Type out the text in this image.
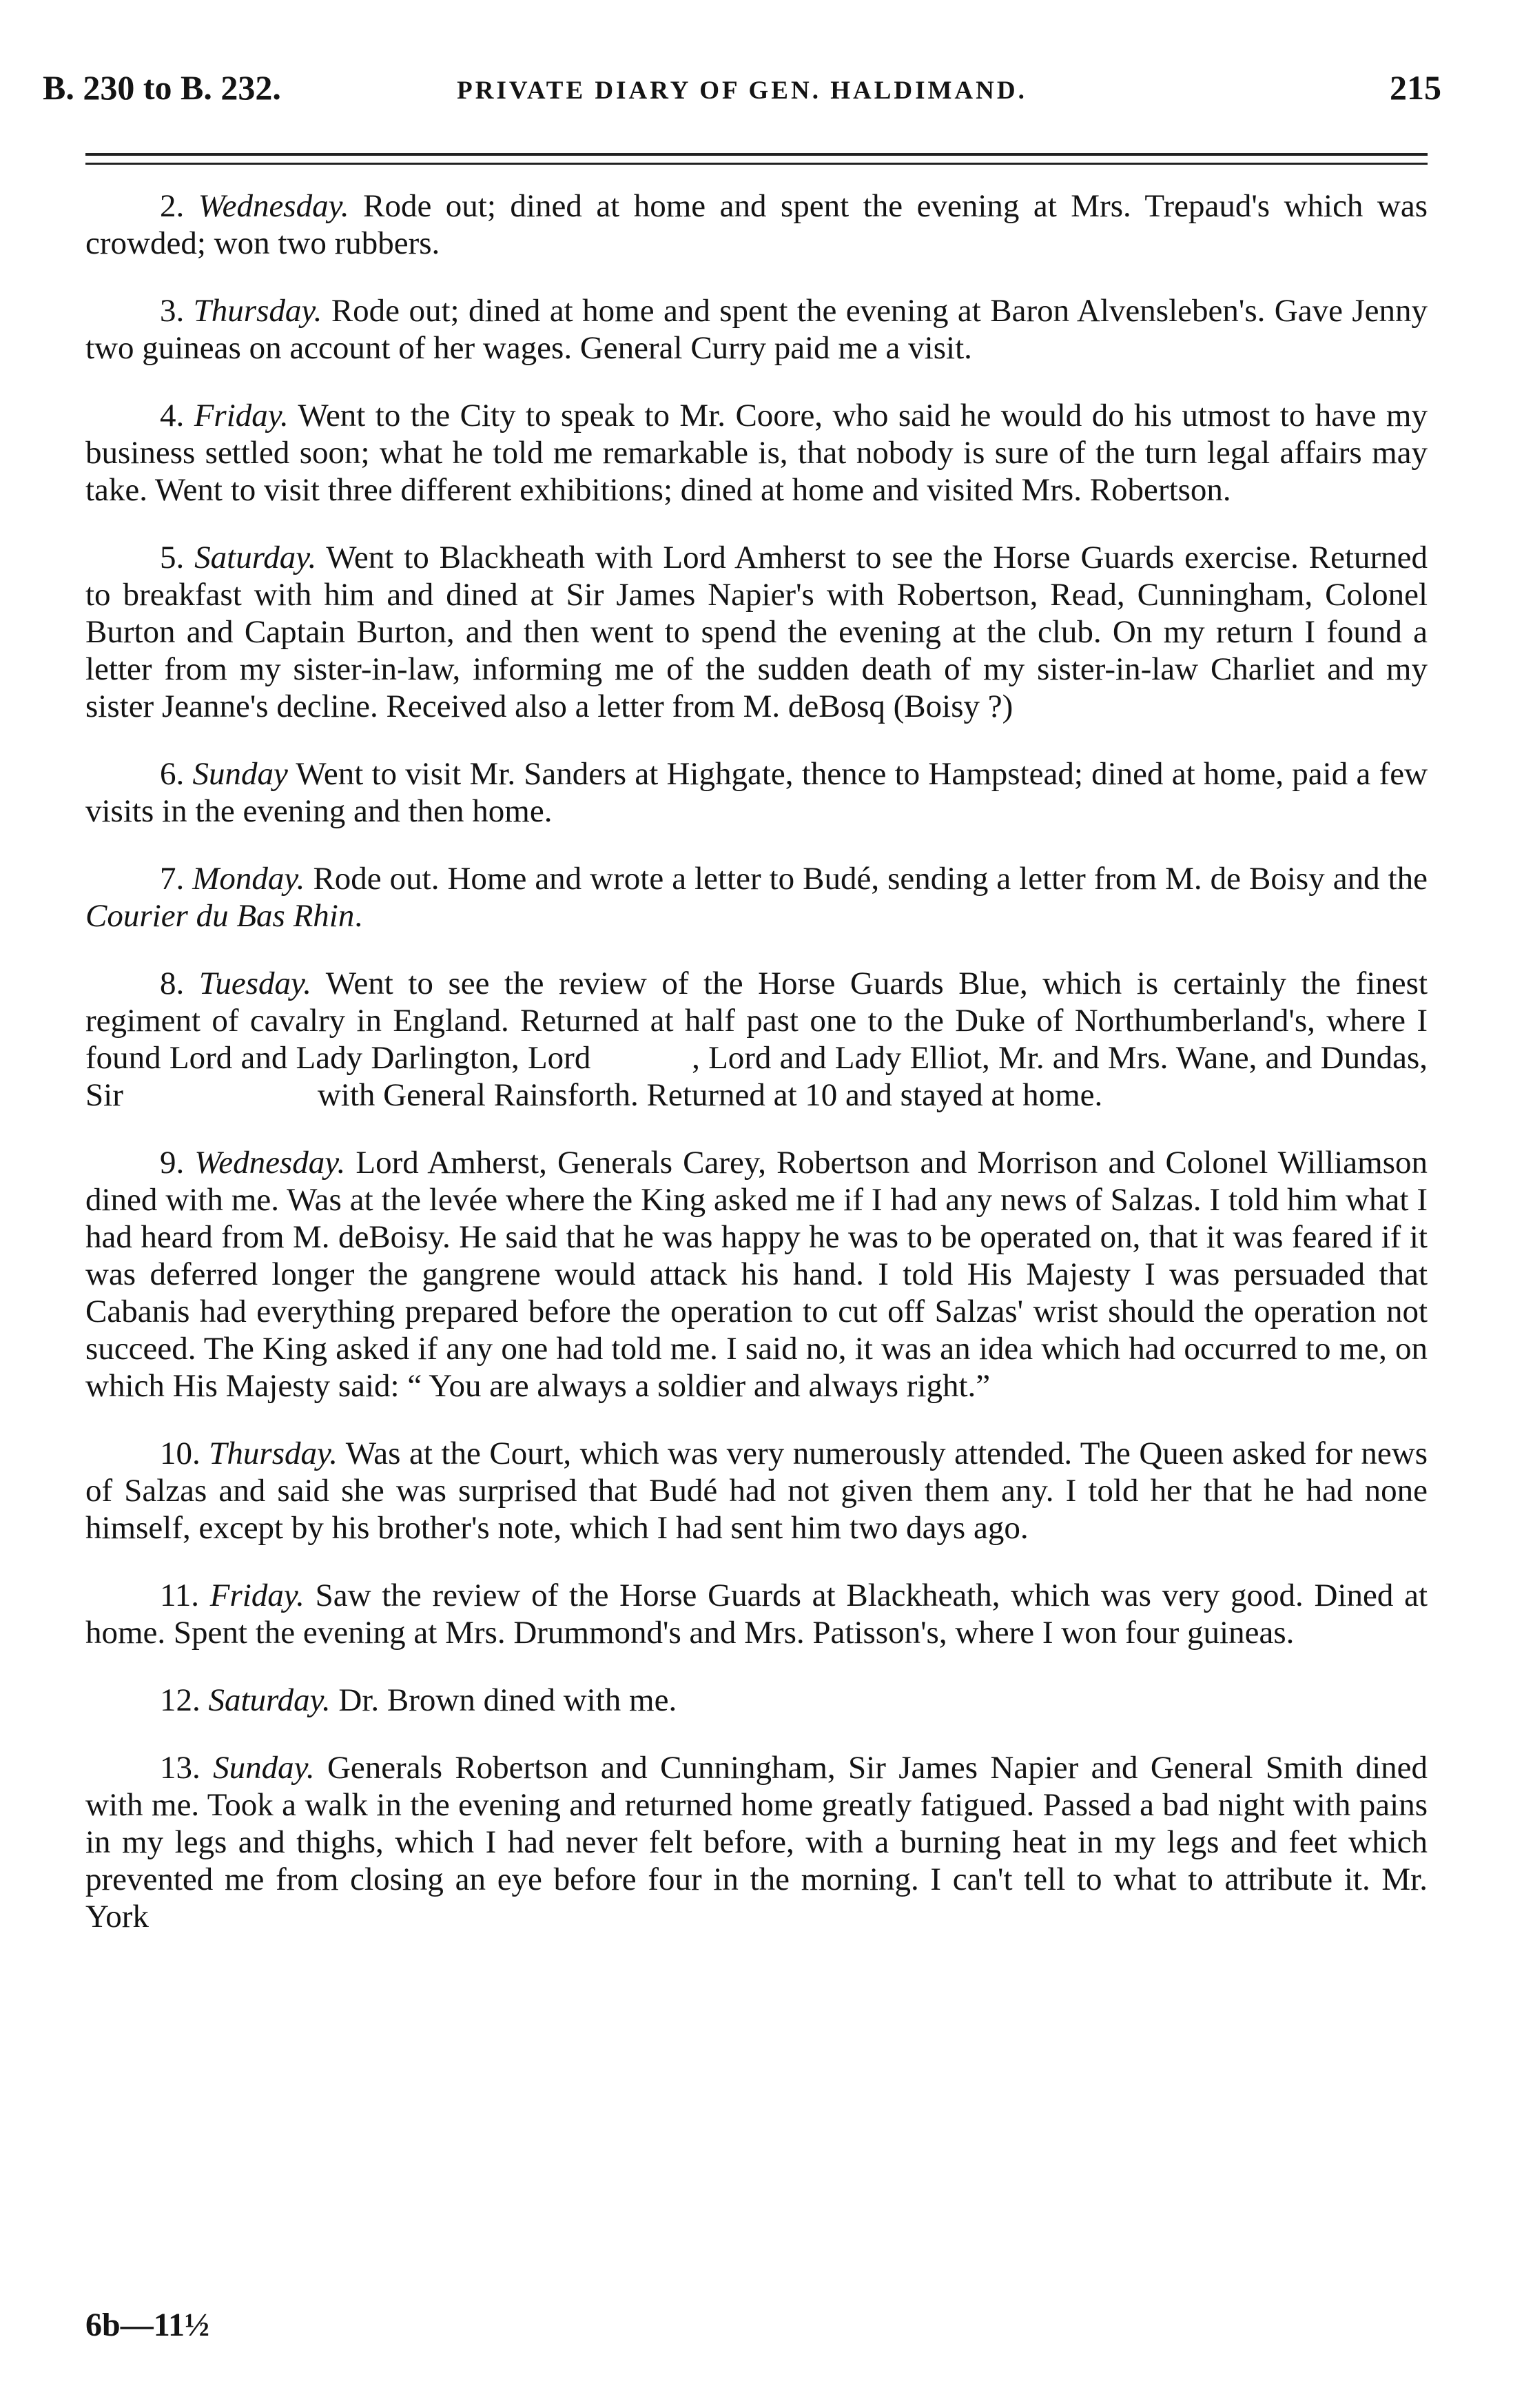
B. 230 to B. 232.	PRIVATE DIARY OF GEN. HALDIMAND.	215

2. Wednesday. Rode out; dined at home and spent the evening at Mrs. Trepaud's which was crowded; won two rubbers.

3. Thursday. Rode out; dined at home and spent the evening at Baron Alvensleben's. Gave Jenny two guineas on account of her wages. General Curry paid me a visit.

4. Friday. Went to the City to speak to Mr. Coore, who said he would do his utmost to have my business settled soon; what he told me remarkable is, that nobody is sure of the turn legal affairs may take. Went to visit three different exhibitions; dined at home and visited Mrs. Robertson.

5. Saturday. Went to Blackheath with Lord Amherst to see the Horse Guards exercise. Returned to breakfast with him and dined at Sir James Napier's with Robertson, Read, Cunningham, Colonel Burton and Captain Burton, and then went to spend the evening at the club. On my return I found a letter from my sister-in-law, informing me of the sudden death of my sister-in-law Charliet and my sister Jeanne's decline. Received also a letter from M. deBosq (Boisy ?)

6. Sunday Went to visit Mr. Sanders at Highgate, thence to Hampstead; dined at home, paid a few visits in the evening and then home.

7. Monday. Rode out. Home and wrote a letter to Budé, sending a letter from M. de Boisy and the Courier du Bas Rhin.

8. Tuesday. Went to see the review of the Horse Guards Blue, which is certainly the finest regiment of cavalry in England. Returned at half past one to the Duke of Northumberland's, where I found Lord and Lady Darlington, Lord            , Lord and Lady Elliot, Mr. and Mrs. Wane, and Dundas, Sir                        with General Rainsforth. Returned at 10 and stayed at home.

9. Wednesday. Lord Amherst, Generals Carey, Robertson and Morrison and Colonel Williamson dined with me. Was at the levée where the King asked me if I had any news of Salzas. I told him what I had heard from M. deBoisy. He said that he was happy he was to be operated on, that it was feared if it was deferred longer the gangrene would attack his hand. I told His Majesty I was persuaded that Cabanis had everything prepared before the operation to cut off Salzas' wrist should the operation not succeed. The King asked if any one had told me. I said no, it was an idea which had occurred to me, on which His Majesty said: “ You are always a soldier and always right.”

10. Thursday. Was at the Court, which was very numerously attended. The Queen asked for news of Salzas and said she was surprised that Budé had not given them any. I told her that he had none himself, except by his brother's note, which I had sent him two days ago.

11. Friday. Saw the review of the Horse Guards at Blackheath, which was very good. Dined at home. Spent the evening at Mrs. Drummond's and Mrs. Patisson's, where I won four guineas.

12. Saturday. Dr. Brown dined with me.

13. Sunday. Generals Robertson and Cunningham, Sir James Napier and General Smith dined with me. Took a walk in the evening and returned home greatly fatigued. Passed a bad night with pains in my legs and thighs, which I had never felt before, with a burning heat in my legs and feet which prevented me from closing an eye before four in the morning. I can't tell to what to attribute it. Mr. York

6b—11½
